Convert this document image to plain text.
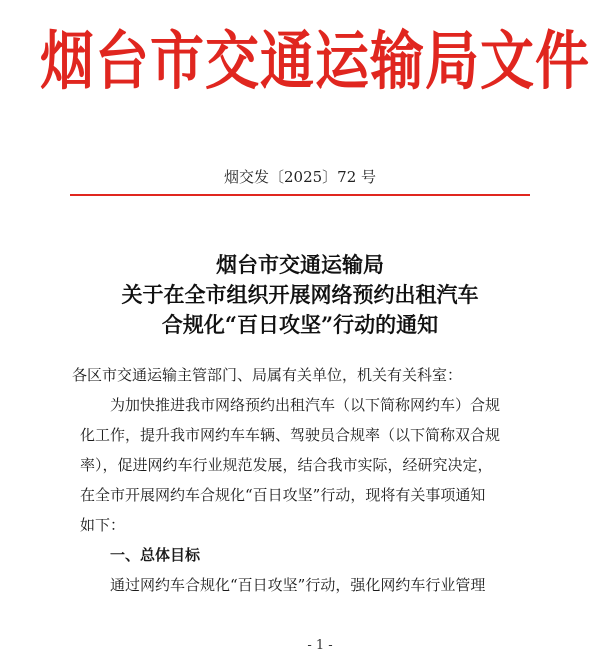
烟台市交通运输局文件
烟交发〔2025〕72 号
烟台市交通运输局
关于在全市组织开展网络预约出租汽车
合规化“百日攻坚”行动的通知

各区市交通运输主管部门、局属有关单位，机关有关科室：

为加快推进我市网络预约出租汽车（以下简称网约车）合规

化工作，提升我市网约车车辆、驾驶员合规率（以下简称双合规

率），促进网约车行业规范发展，结合我市实际，经研究决定，

在全市开展网约车合规化“百日攻坚”行动，现将有关事项通知

如下：

一、总体目标

通过网约车合规化“百日攻坚”行动，强化网约车行业管理

- 1 -
